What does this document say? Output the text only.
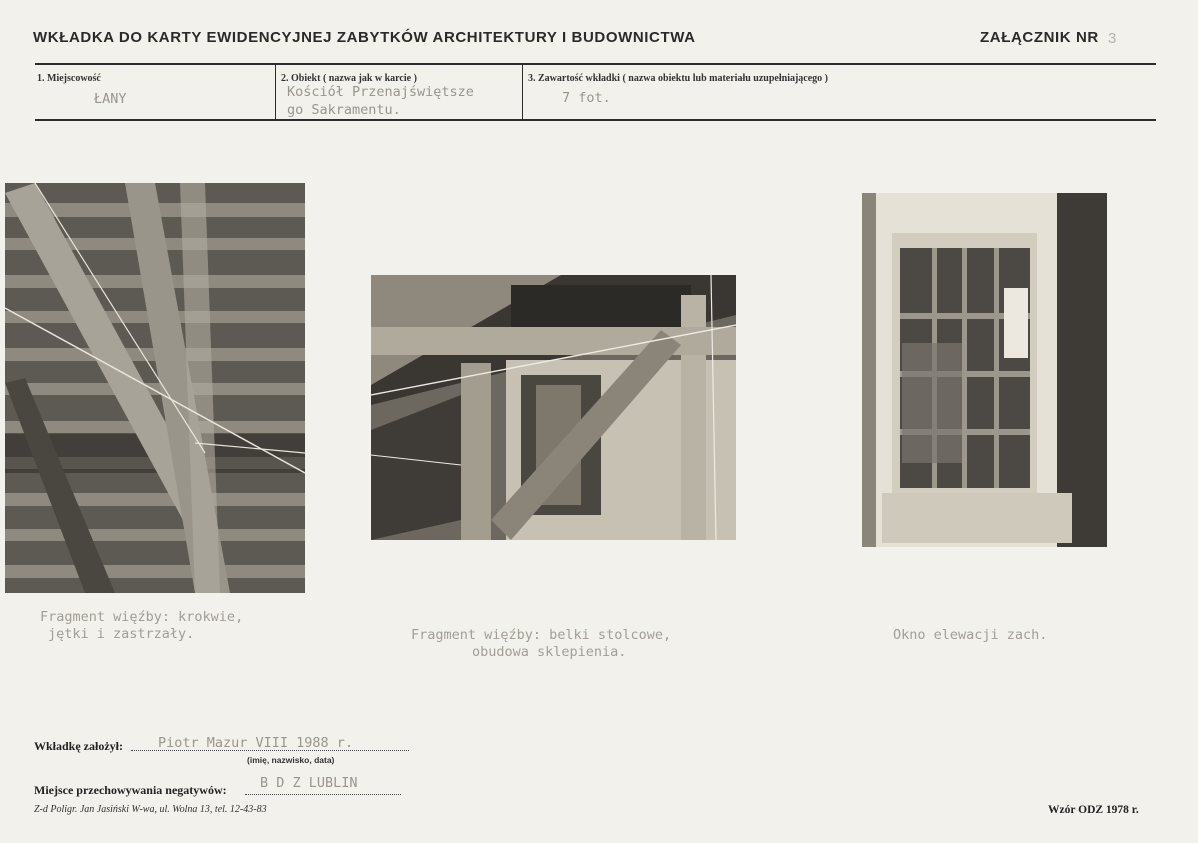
WKŁADKA DO KARTY EWIDENCYJNEJ ZABYTKÓW ARCHITEKTURY I BUDOWNICTWA	ZAŁĄCZNIK NR 3
1. Miejscowość
ŁANY
2. Obiekt ( nazwa jak w karcie )
Kościół Przenajświętsze
go Sakramentu.
3. Zawartość wkładki ( nazwa obiektu lub materiału uzupełniającego )
7 fot.
Fragment więźby: krokwie,
jętki i zastrzały.	Fragment więźby: belki stolcowe,
obudowa sklepienia.
Okno elewacji zach.
Wkładkę założył:	Piotr Mazur VIII 1988 r.
(imię, nazwisko, data)
Miejsce przechowywania negatywów: B D Z LUBLIN
Z-d Poligr. Jan Jasiński W-wa, ul. Wolna 13, tel. 12-43-83	Wzór ODZ 1978 r.
